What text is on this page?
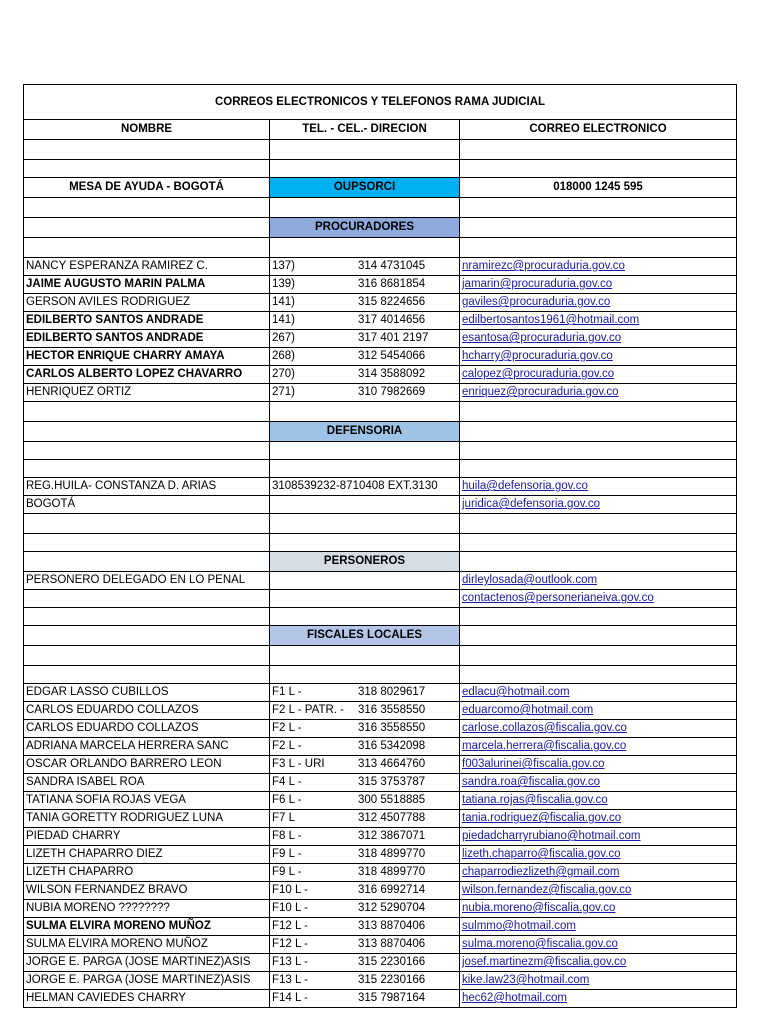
CORREOS ELECTRONICOS Y TELEFONOS RAMA JUDICIAL		
NOMBRE	TEL. - CEL.- DIRECION	CORREO ELECTRONICO

MESA DE AYUDA - BOGOTÁ	OUPSORCI	018000 1245 595

	PROCURADORES	

NANCY ESPERANZA RAMIREZ C.	137) 314 4731045	nramirezc@procuraduria.gov.co
JAIME AUGUSTO MARIN PALMA	139) 316 8681854	jamarin@procuraduria.gov.co
GERSON AVILES RODRIGUEZ	141) 315 8224656	gaviles@procuraduria.gov.co
EDILBERTO SANTOS ANDRADE	141) 317 4014656	edilbertosantos1961@hotmail.com
EDILBERTO SANTOS ANDRADE	267) 317 401 2197	esantosa@procuraduria.gov.co
HECTOR ENRIQUE CHARRY AMAYA	268) 312 5454066	hcharry@procuraduria.gov.co
CARLOS ALBERTO LOPEZ CHAVARRO	270) 314 3588092	calopez@procuraduria.gov.co
HENRIQUEZ ORTIZ	271) 310 7982669	enriquez@procuraduria.gov.co

	DEFENSORIA	

REG.HUILA- CONSTANZA D. ARIAS	3108539232-8710408 EXT.3130	huila@defensoria.gov.co
BOGOTÁ		juridica@defensoria.gov.co

	PERSONEROS	
PERSONERO DELEGADO EN LO PENAL		dirleylosada@outlook.com
		contactenos@personerianeiva.gov.co

	FISCALES LOCALES	

EDGAR LASSO CUBILLOS	F1 L - 318 8029617	edlacu@hotmail.com
CARLOS EDUARDO COLLAZOS	F2 L - PATR. - 316 3558550	eduarcomo@hotmail.com
CARLOS EDUARDO COLLAZOS	F2 L - 316 3558550	carlose.collazos@fiscalia.gov.co
ADRIANA MARCELA HERRERA SANC	F2 L - 316 5342098	marcela.herrera@fiscalia.gov.co
OSCAR ORLANDO BARRERO LEON	F3 L - URI 313 4664760	f003alurinei@fiscalia.gov.co
SANDRA ISABEL ROA	F4 L - 315 3753787	sandra.roa@fiscalia.gov.co
TATIANA SOFIA ROJAS VEGA	F6 L - 300 5518885	tatiana.rojas@fiscalia.gov.co
TANIA GORETTY RODRIGUEZ LUNA	F7 L 312 4507788	tania.rodriguez@fiscalia.gov.co
PIEDAD CHARRY	F8 L - 312 3867071	piedadcharryrubiano@hotmail.com
LIZETH CHAPARRO DIEZ	F9 L - 318 4899770	lizeth.chaparro@fiscalia.gov.co
LIZETH CHAPARRO	F9 L - 318 4899770	chaparrodiezlizeth@gmail.com
WILSON FERNANDEZ BRAVO	F10 L - 316 6992714	wilson.fernandez@fiscalia.gov.co
NUBIA MORENO ????????	F10 L - 312 5290704	nubia.moreno@fiscalia.gov.co
SULMA ELVIRA MORENO MUÑOZ	F12 L - 313 8870406	sulmmo@hotmail.com
SULMA ELVIRA MORENO MUÑOZ	F12 L - 313 8870406	sulma.moreno@fiscalia.gov.co
JORGE E. PARGA (JOSE MARTINEZ)ASIS	F13 L - 315 2230166	josef.martinezm@fiscalia.gov.co
JORGE E. PARGA (JOSE MARTINEZ)ASIS	F13 L - 315 2230166	kike.law23@hotmail.com
HELMAN CAVIEDES CHARRY	F14 L - 315 7987164	hec62@hotmail.com
